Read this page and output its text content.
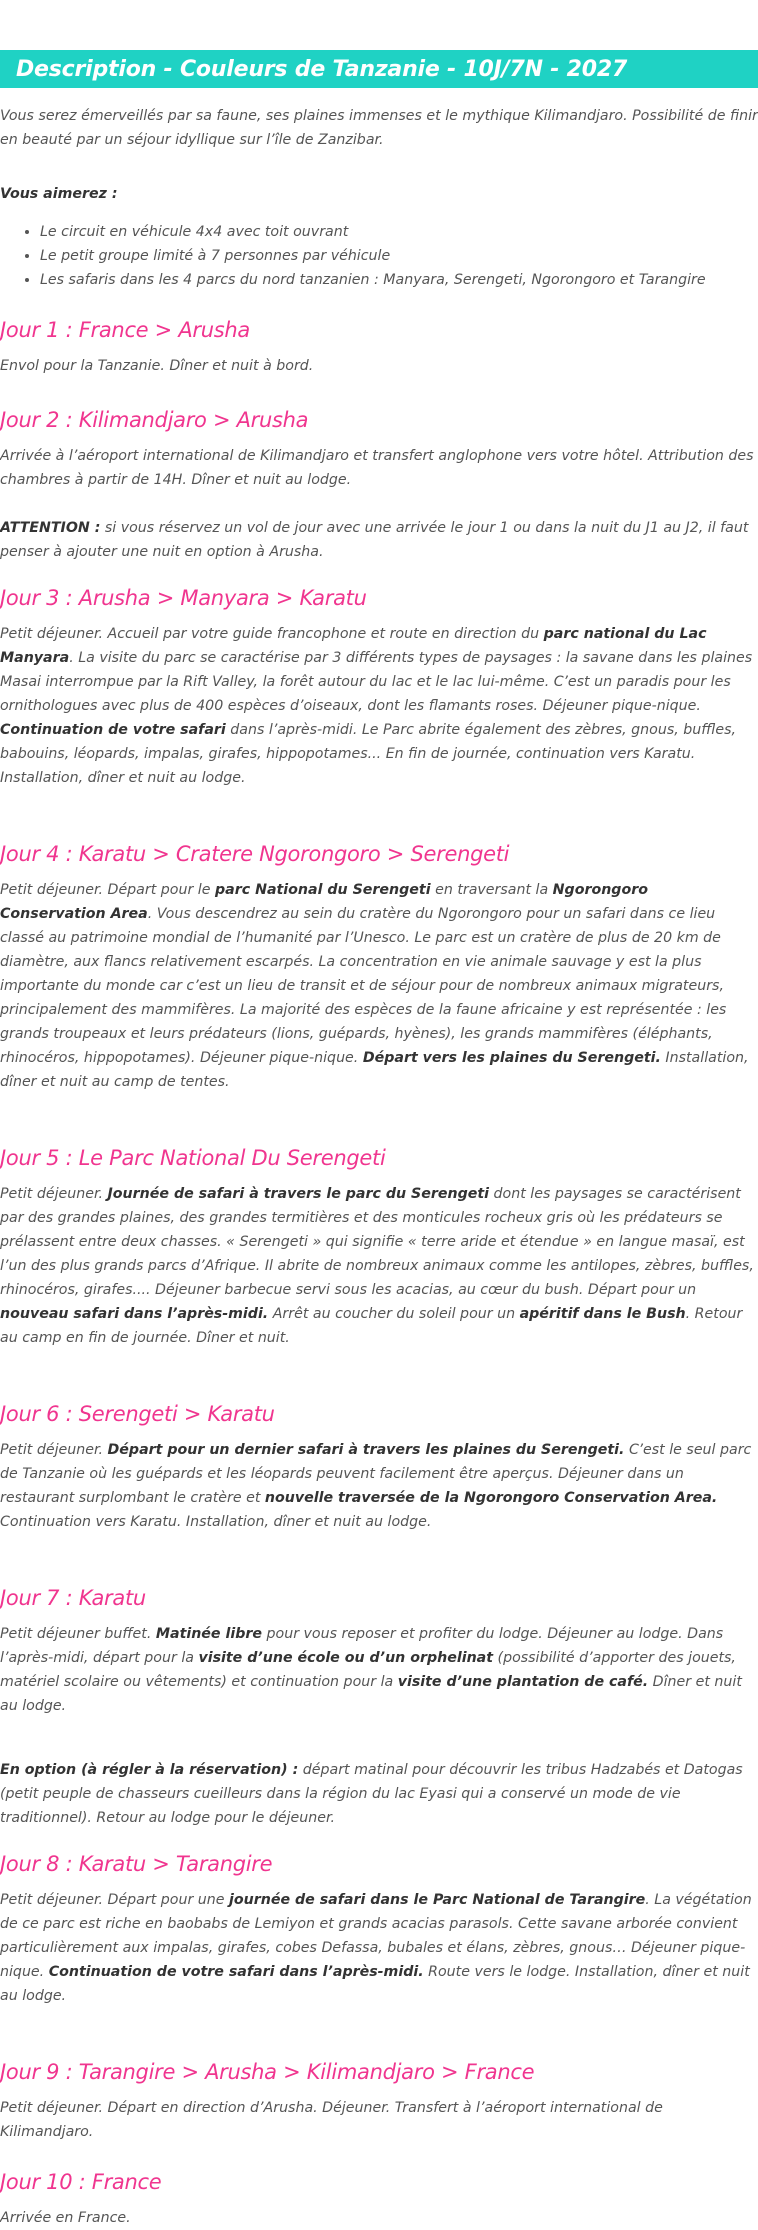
Description - Couleurs de Tanzanie - 10J/7N - 2027

Vous serez émerveillés par sa faune, ses plaines immenses et le mythique Kilimandjaro. Possibilité de finir en beauté par un séjour idyllique sur l’île de Zanzibar.

Vous aimerez :

• Le circuit en véhicule 4x4 avec toit ouvrant
• Le petit groupe limité à 7 personnes par véhicule
• Les safaris dans les 4 parcs du nord tanzanien : Manyara, Serengeti, Ngorongoro et Tarangire
Jour 1 : France > Arusha

Envol pour la Tanzanie. Dîner et nuit à bord.

Jour 2 : Kilimandjaro > Arusha

Arrivée à l’aéroport international de Kilimandjaro et transfert anglophone vers votre hôtel. Attribution des chambres à partir de 14H. Dîner et nuit au lodge.

ATTENTION : si vous réservez un vol de jour avec une arrivée le jour 1 ou dans la nuit du J1 au J2, il faut penser à ajouter une nuit en option à Arusha.

Jour 3 : Arusha > Manyara > Karatu

Petit déjeuner. Accueil par votre guide francophone et route en direction du parc national du Lac Manyara. La visite du parc se caractérise par 3 différents types de paysages : la savane dans les plaines Masai interrompue par la Rift Valley, la forêt autour du lac et le lac lui-même. C’est un paradis pour les ornithologues avec plus de 400 espèces d’oiseaux, dont les flamants roses. Déjeuner pique-nique. Continuation de votre safari dans l’après-midi. Le Parc abrite également des zèbres, gnous, buffles, babouins, léopards, impalas, girafes, hippopotames... En fin de journée, continuation vers Karatu. Installation, dîner et nuit au lodge.

Jour 4 : Karatu > Cratere Ngorongoro > Serengeti

Petit déjeuner. Départ pour le parc National du Serengeti en traversant la Ngorongoro Conservation Area. Vous descendrez au sein du cratère du Ngorongoro pour un safari dans ce lieu classé au patrimoine mondial de l’humanité par l’Unesco. Le parc est un cratère de plus de 20 km de diamètre, aux flancs relativement escarpés. La concentration en vie animale sauvage y est la plus importante du monde car c’est un lieu de transit et de séjour pour de nombreux animaux migrateurs, principalement des mammifères. La majorité des espèces de la faune africaine y est représentée : les grands troupeaux et leurs prédateurs (lions, guépards, hyènes), les grands mammifères (éléphants, rhinocéros, hippopotames). Déjeuner pique-nique. Départ vers les plaines du Serengeti. Installation, dîner et nuit au camp de tentes.

Jour 5 : Le Parc National Du Serengeti

Petit déjeuner. Journée de safari à travers le parc du Serengeti dont les paysages se caractérisent par des grandes plaines, des grandes termitières et des monticules rocheux gris où les prédateurs se prélassent entre deux chasses. « Serengeti » qui signifie « terre aride et étendue » en langue masaï, est l’un des plus grands parcs d’Afrique. Il abrite de nombreux animaux comme les antilopes, zèbres, buffles, rhinocéros, girafes.... Déjeuner barbecue servi sous les acacias, au cœur du bush. Départ pour un nouveau safari dans l’après-midi. Arrêt au coucher du soleil pour un apéritif dans le Bush. Retour au camp en fin de journée. Dîner et nuit.

Jour 6 : Serengeti > Karatu

Petit déjeuner. Départ pour un dernier safari à travers les plaines du Serengeti. C’est le seul parc de Tanzanie où les guépards et les léopards peuvent facilement être aperçus. Déjeuner dans un restaurant surplombant le cratère et nouvelle traversée de la Ngorongoro Conservation Area. Continuation vers Karatu. Installation, dîner et nuit au lodge.

Jour 7 : Karatu

Petit déjeuner buffet. Matinée libre pour vous reposer et profiter du lodge. Déjeuner au lodge. Dans l’après-midi, départ pour la visite d’une école ou d’un orphelinat (possibilité d’apporter des jouets, matériel scolaire ou vêtements) et continuation pour la visite d’une plantation de café. Dîner et nuit au lodge.

En option (à régler à la réservation) : départ matinal pour découvrir les tribus Hadzabés et Datogas (petit peuple de chasseurs cueilleurs dans la région du lac Eyasi qui a conservé un mode de vie traditionnel). Retour au lodge pour le déjeuner.

Jour 8 : Karatu > Tarangire

Petit déjeuner. Départ pour une journée de safari dans le Parc National de Tarangire. La végétation de ce parc est riche en baobabs de Lemiyon et grands acacias parasols. Cette savane arborée convient particulièrement aux impalas, girafes, cobes Defassa, bubales et élans, zèbres, gnous… Déjeuner pique-nique. Continuation de votre safari dans l’après-midi. Route vers le lodge. Installation, dîner et nuit au lodge.

Jour 9 : Tarangire > Arusha > Kilimandjaro > France

Petit déjeuner. Départ en direction d’Arusha. Déjeuner. Transfert à l’aéroport international de Kilimandjaro.

Jour 10 : France

Arrivée en France.
